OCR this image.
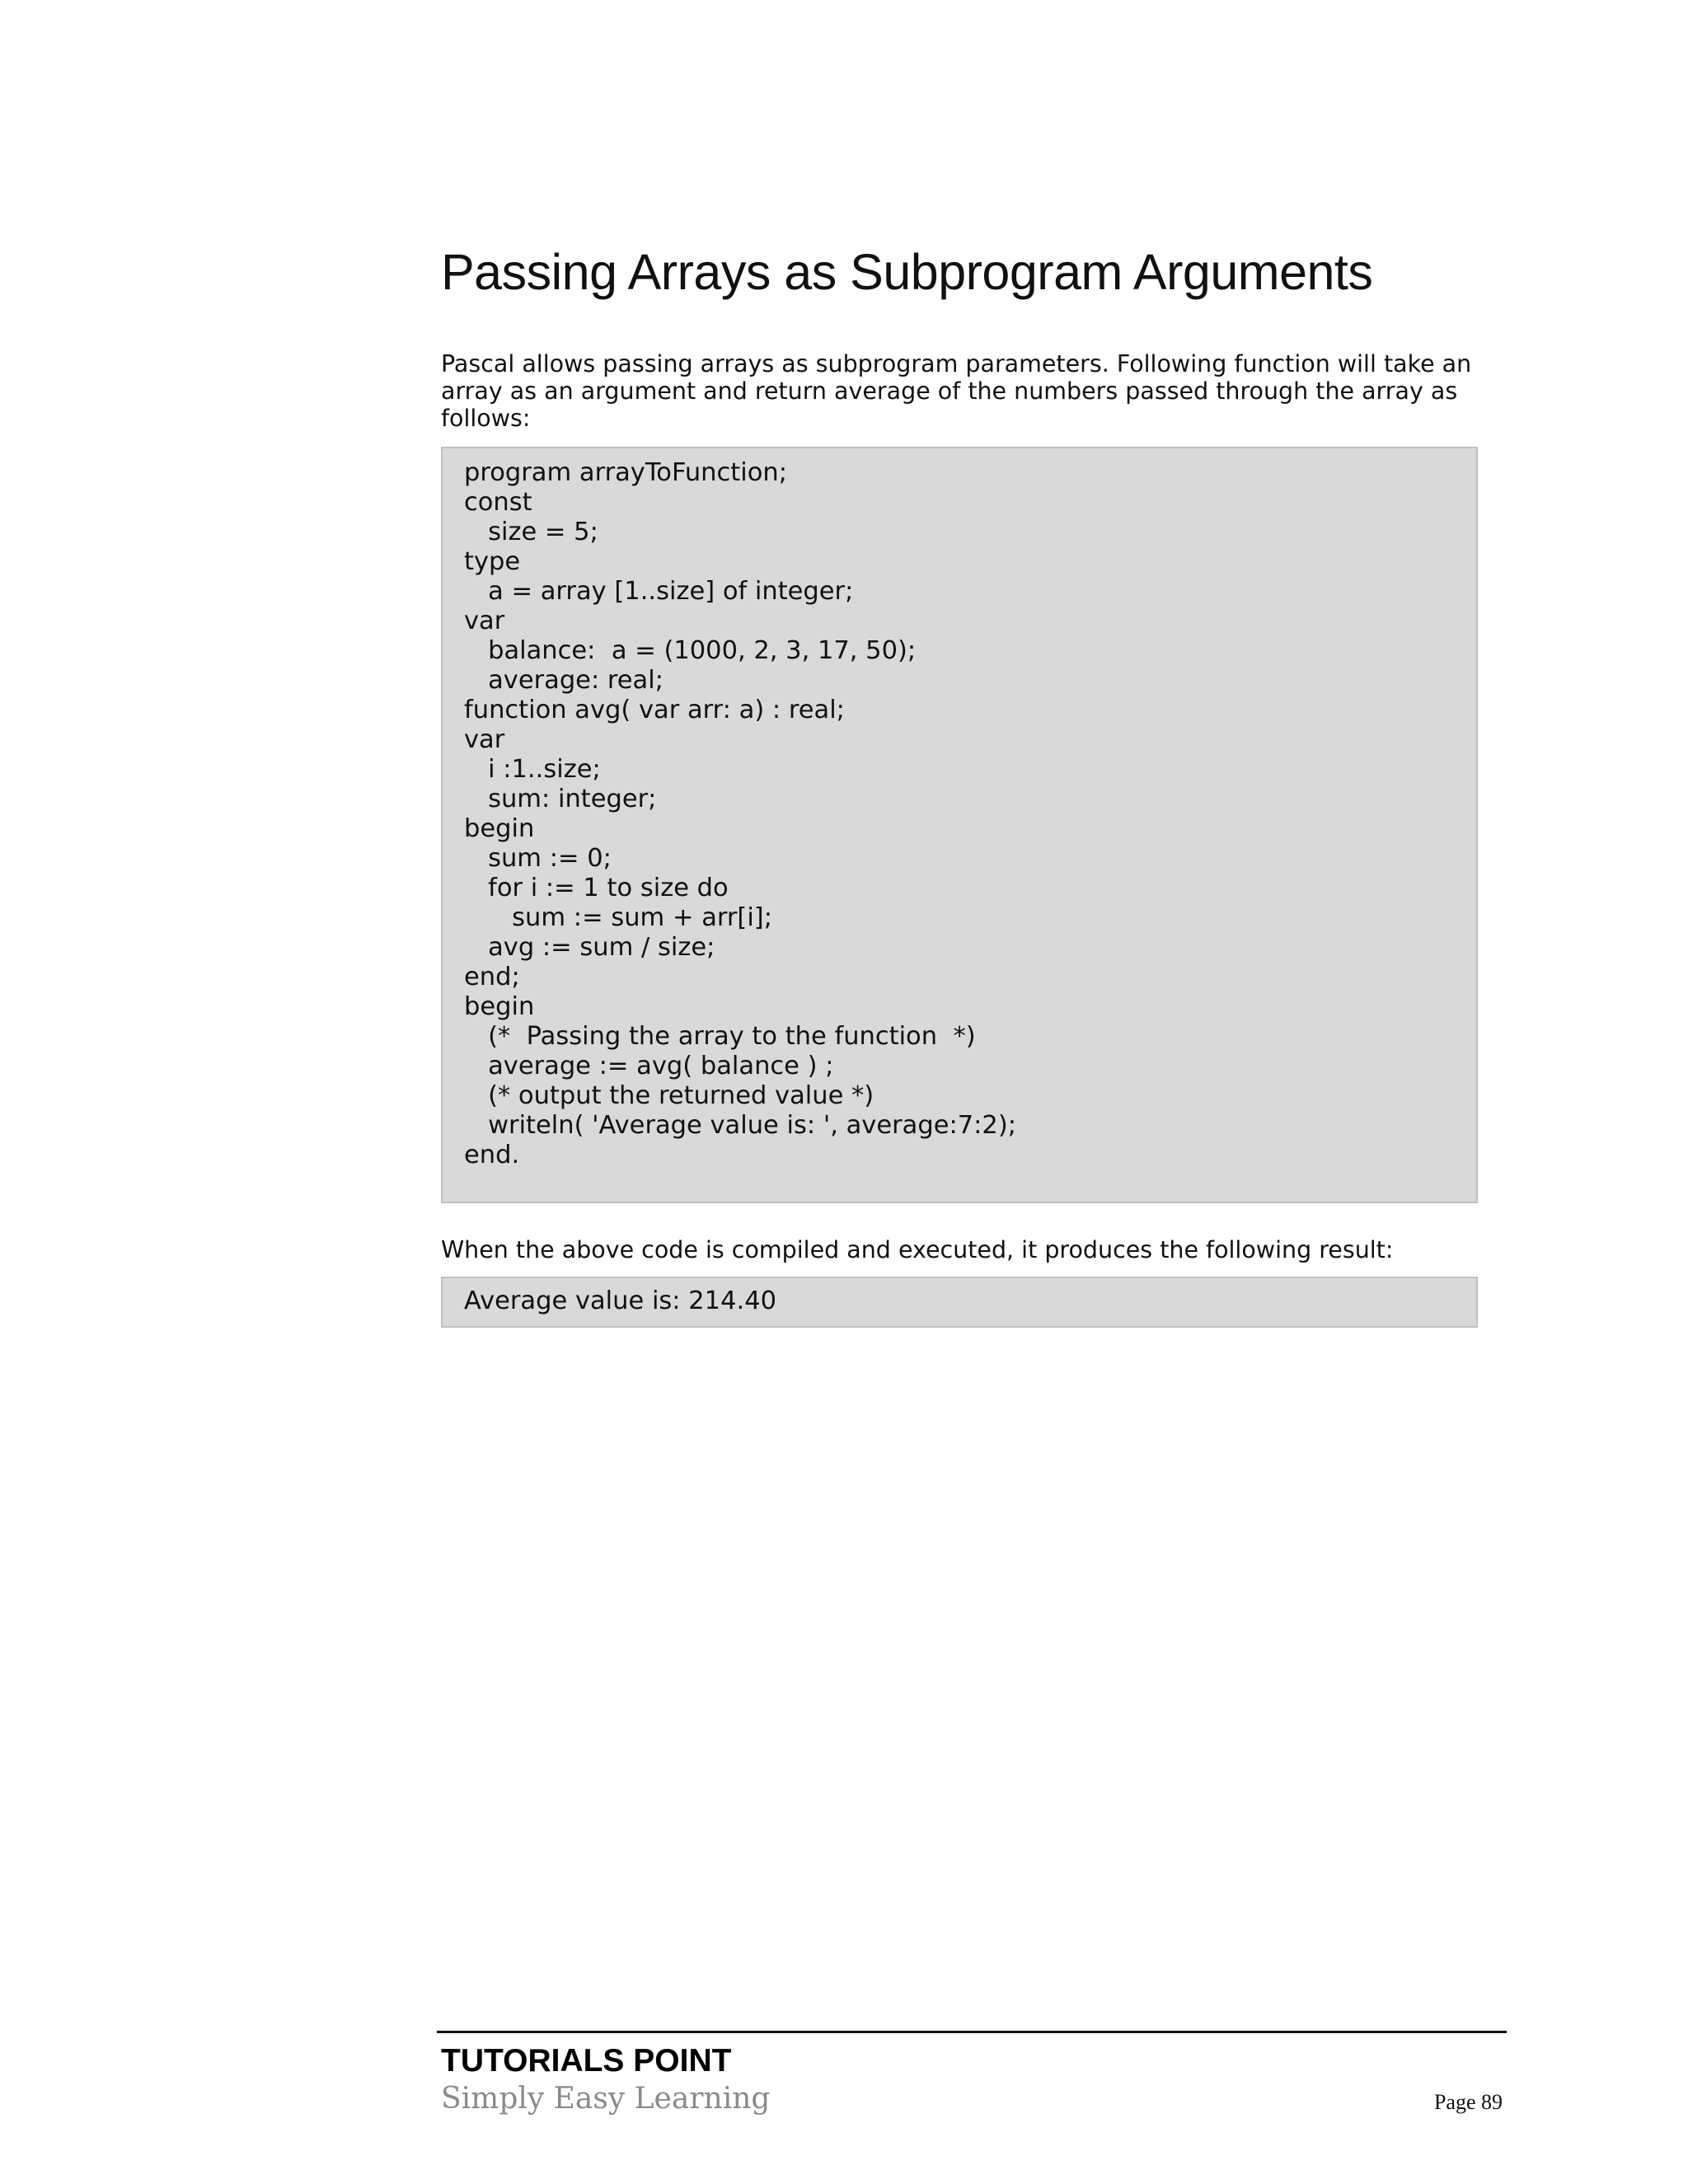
Passing Arrays as Subprogram Arguments

Pascal allows passing arrays as subprogram parameters. Following function will take an array as an argument and return average of the numbers passed through the array as follows:

program arrayToFunction;
const
size = 5;
type
a = array [1..size] of integer;
var
balance:  a = (1000, 2, 3, 17, 50);
average: real;
function avg( var arr: a) : real;
var
i :1..size;
sum: integer;
begin
sum := 0;
for i := 1 to size do
sum := sum + arr[i];
avg := sum / size;
end;
begin
(*  Passing the array to the function  *)
average := avg( balance ) ;
(* output the returned value *)
writeln( 'Average value is: ', average:7:2);
end.

When the above code is compiled and executed, it produces the following result:

Average value is: 214.40
TUTORIALS POINT
Simply Easy Learning	Page 89
